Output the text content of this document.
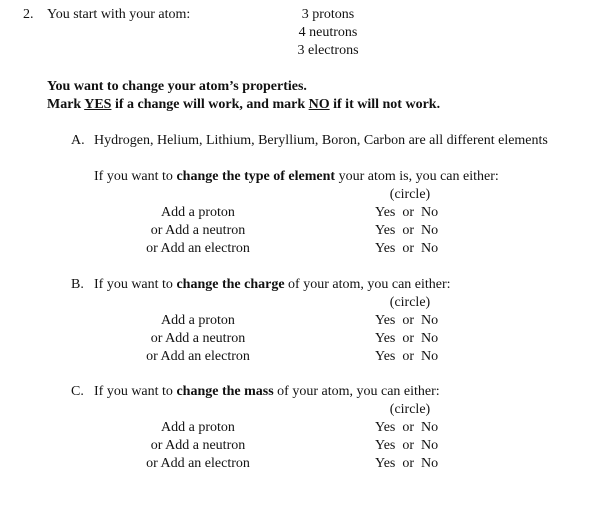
2. You start with your atom:	3 protons
4 neutrons
3 electrons
You want to change your atom’s properties.
Mark YES if a change will work, and mark NO if it will not work.
A. Hydrogen, Helium, Lithium, Beryllium, Boron, Carbon are all different elements
If you want to change the type of element your atom is, you can either:
(circle)
Add a proton
or Add a neutron
or Add an electron
Yes  or  No
Yes  or  No
Yes  or  No
B. If you want to change the charge of your atom, you can either:
(circle)
Add a proton
or Add a neutron
or Add an electron
Yes  or  No
Yes  or  No
Yes  or  No
C. If you want to change the mass of your atom, you can either:
(circle)
Add a proton
or Add a neutron
or Add an electron
Yes  or  No
Yes  or  No
Yes  or  No
